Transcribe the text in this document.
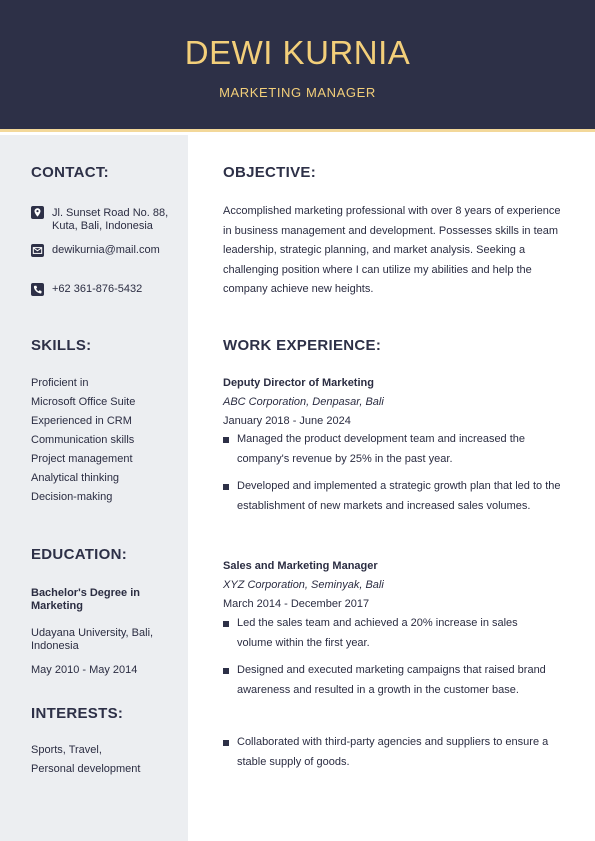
DEWI KURNIA
MARKETING MANAGER
CONTACT:
Jl. Sunset Road No. 88,
Kuta, Bali, Indonesia
dewikurnia@mail.com
+62 361-876-5432
SKILLS:
Proficient in
Microsoft Office Suite
Experienced in CRM
Communication skills
Project management
Analytical thinking
Decision-making
EDUCATION:
Bachelor's Degree in
Marketing
Udayana University, Bali,
Indonesia
May 2010 - May 2014
INTERESTS:
Sports, Travel,
Personal development
OBJECTIVE:
Accomplished marketing professional with over 8 years of experience
in business management and development. Possesses skills in team
leadership, strategic planning, and market analysis. Seeking a
challenging position where I can utilize my abilities and help the
company achieve new heights.
WORK EXPERIENCE:
Deputy Director of Marketing
ABC Corporation, Denpasar, Bali
January 2018 - June 2024
Managed the product development team and increased the
company's revenue by 25% in the past year.
Developed and implemented a strategic growth plan that led to the
establishment of new markets and increased sales volumes.
Sales and Marketing Manager
XYZ Corporation, Seminyak, Bali
March 2014 - December 2017
Led the sales team and achieved a 20% increase in sales
volume within the first year.
Designed and executed marketing campaigns that raised brand
awareness and resulted in a growth in the customer base.
Collaborated with third-party agencies and suppliers to ensure a
stable supply of goods.
